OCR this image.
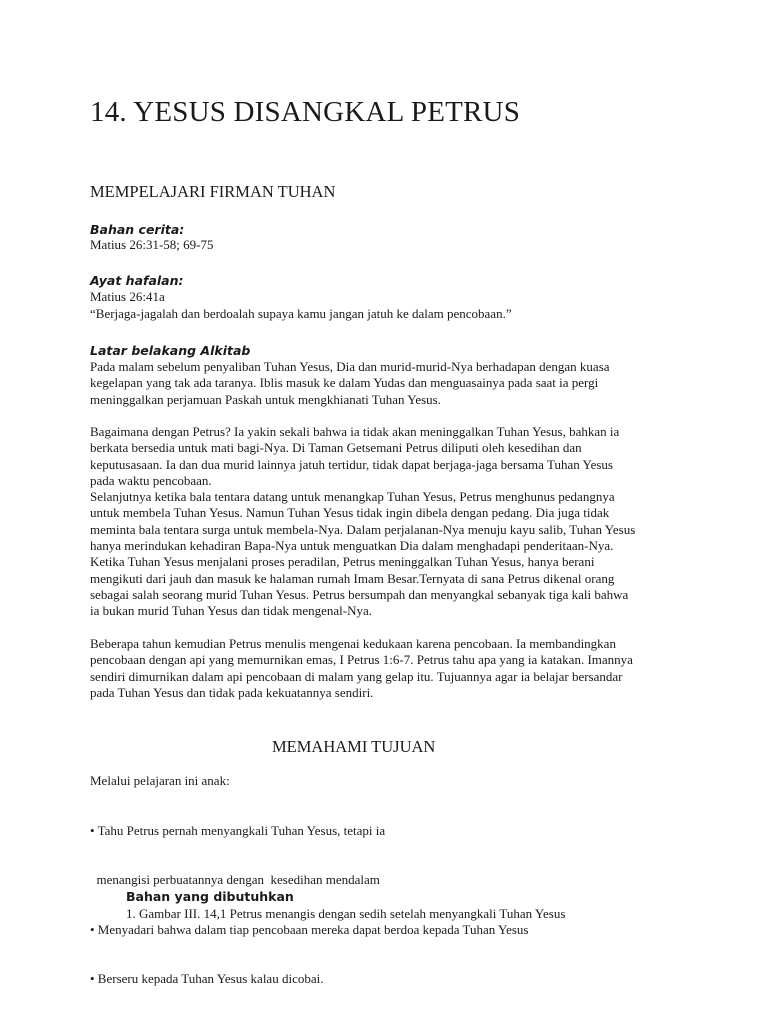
14. YESUS DISANGKAL PETRUS
MEMPELAJARI FIRMAN TUHAN
Bahan cerita:
Matius 26:31-58; 69-75
Ayat hafalan:
Matius 26:41a
“Berjaga-jagalah dan berdoalah supaya kamu jangan jatuh ke dalam pencobaan.”
Latar belakang Alkitab
Pada malam sebelum penyaliban Tuhan Yesus, Dia dan murid-murid-Nya berhadapan dengan kuasa
kegelapan yang tak ada taranya. Iblis masuk ke dalam Yudas dan menguasainya pada saat ia pergi
meninggalkan perjamuan Paskah untuk mengkhianati Tuhan Yesus.
Bagaimana dengan Petrus? Ia yakin sekali bahwa ia tidak akan meninggalkan Tuhan Yesus, bahkan ia
berkata bersedia untuk mati bagi-Nya. Di Taman Getsemani Petrus diliputi oleh kesedihan dan
keputusasaan. Ia dan dua murid lainnya jatuh tertidur, tidak dapat berjaga-jaga bersama Tuhan Yesus
pada waktu pencobaan.
Selanjutnya ketika bala tentara datang untuk menangkap Tuhan Yesus, Petrus menghunus pedangnya
untuk membela Tuhan Yesus. Namun Tuhan Yesus tidak ingin dibela dengan pedang. Dia juga tidak
meminta bala tentara surga untuk membela-Nya. Dalam perjalanan-Nya menuju kayu salib, Tuhan Yesus
hanya merindukan kehadiran Bapa-Nya untuk menguatkan Dia dalam menghadapi penderitaan-Nya.
Ketika Tuhan Yesus menjalani proses peradilan, Petrus meninggalkan Tuhan Yesus, hanya berani
mengikuti dari jauh dan masuk ke halaman rumah Imam Besar.Ternyata di sana Petrus dikenal orang
sebagai salah seorang murid Tuhan Yesus. Petrus bersumpah dan menyangkal sebanyak tiga kali bahwa
ia bukan murid Tuhan Yesus dan tidak mengenal-Nya.
Beberapa tahun kemudian Petrus menulis mengenai kedukaan karena pencobaan. Ia membandingkan
pencobaan dengan api yang memurnikan emas, I Petrus 1:6-7. Petrus tahu apa yang ia katakan. Imannya
sendiri dimurnikan dalam api pencobaan di malam yang gelap itu. Tujuannya agar ia belajar bersandar
pada Tuhan Yesus dan tidak pada kekuatannya sendiri.
MEMAHAMI TUJUAN
Melalui pelajaran ini anak:

• Tahu Petrus pernah menyangkali Tuhan Yesus, tetapi ia

menangisi perbuatannya dengan  kesedihan mendalam

• Menyadari bahwa dalam tiap pencobaan mereka dapat berdoa kepada Tuhan Yesus

• Berseru kepada Tuhan Yesus kalau dicobai.

Bahan yang dibutuhkan
1. Gambar III. 14,1 Petrus menangis dengan sedih setelah menyangkali Tuhan Yesus
